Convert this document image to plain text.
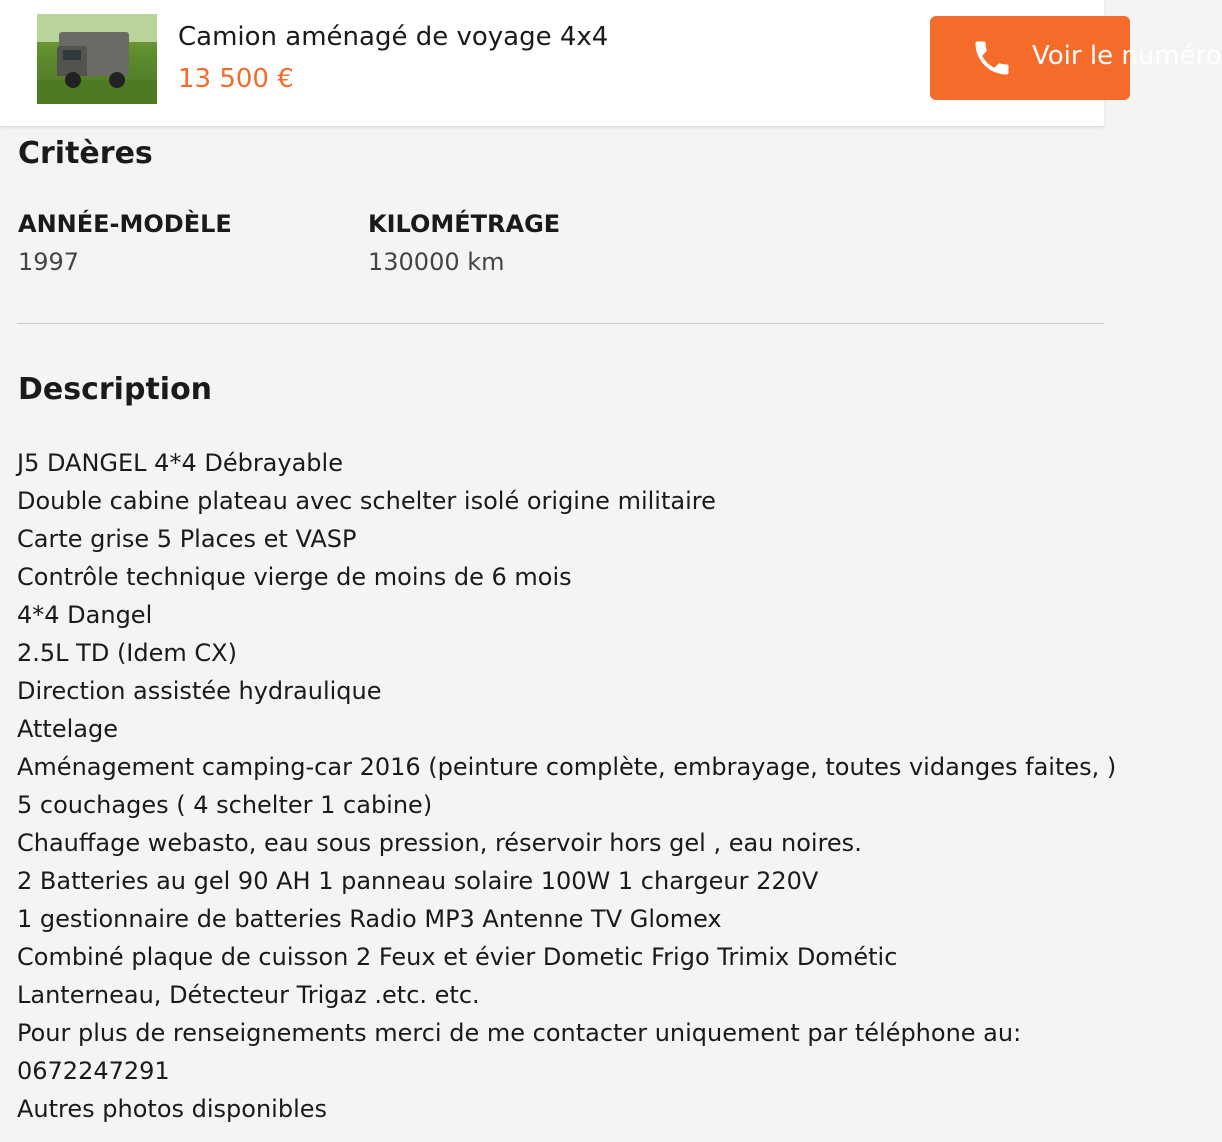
Camion aménagé de voyage 4x4
13 500 €
Voir le numéro
Critères
ANNÉE-MODÈLE
1997
KILOMÉTRAGE
130000 km
Description
J5 DANGEL 4*4 Débrayable
Double cabine plateau avec schelter isolé origine militaire
Carte grise 5 Places et VASP
Contrôle technique vierge de moins de 6 mois
4*4 Dangel
2.5L TD (Idem CX)
Direction assistée hydraulique
Attelage
Aménagement camping-car 2016 (peinture complète, embrayage, toutes vidanges faites, )
5 couchages ( 4 schelter 1 cabine)
Chauffage webasto, eau sous pression, réservoir hors gel , eau noires.
2 Batteries au gel 90 AH 1 panneau solaire 100W 1 chargeur 220V
1 gestionnaire de batteries Radio MP3 Antenne TV Glomex
Combiné plaque de cuisson 2 Feux et évier Dometic Frigo Trimix Dométic
Lanterneau, Détecteur Trigaz .etc. etc.
Pour plus de renseignements merci de me contacter uniquement par téléphone au:
0672247291
Autres photos disponibles
